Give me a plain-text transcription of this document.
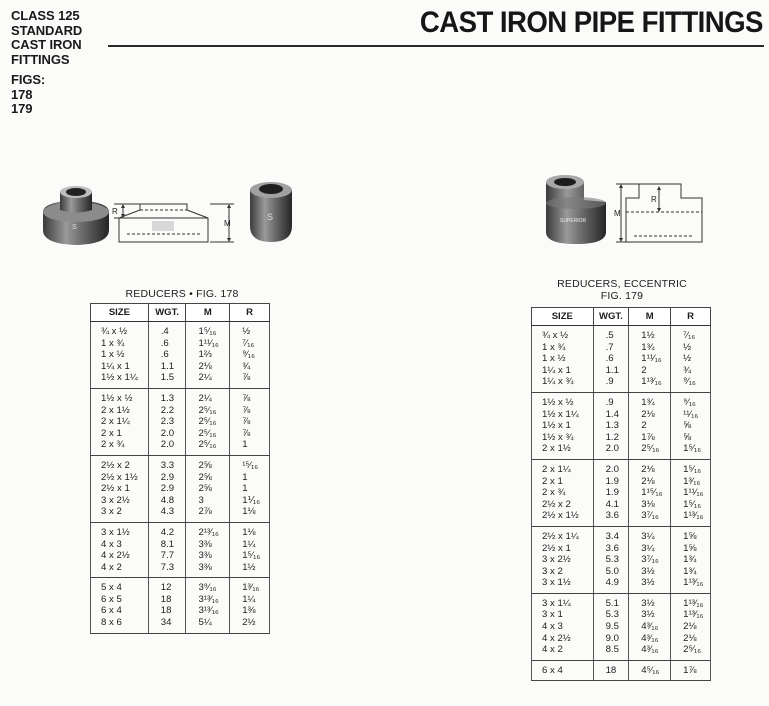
CLASS 125
STANDARD
CAST IRON
FITTINGS
FIGS:
178
179
CAST IRON PIPE FITTINGS
S
R
M
S	SUPERIOR
M
R
REDUCERS • FIG. 178
REDUCERS, ECCENTRIC
FIG. 179
SIZE	WGT.	M	R
¾ x ½	.4	1⁵⁄₁₆	½
1 x ¾	.6	1¹¹⁄₁₆	⁷⁄₁₆
1 x ½	.6	1⅔	⁹⁄₁₆
1¼ x 1	1.1	2⅛	¾
1½ x 1¼	1.5	2¼	⅞
1½ x ½	1.3	2¼	⅞
2 x 1½	2.2	2⁵⁄₁₆	⅞
2 x 1¼	2.3	2⁵⁄₁₆	⅞
2 x 1	2.0	2⁵⁄₁₆	⅞
2 x ¾	2.0	2⁵⁄₁₆	1
2½ x 2	3.3	2⅝	¹⁵⁄₁₆
2½ x 1½	2.9	2⅝	1
2½ x 1	2.9	2⅝	1
3 x 2½	4.8	3	1⅟₁₆
3 x 2	4.3	2⅞	1⅛
3 x 1½	4.2	2¹³⁄₁₆	1⅛
4 x 3	8.1	3⅜	1¼
4 x 2½	7.7	3⅜	1⁵⁄₁₆
4 x 2	7.3	3⅜	1½
5 x 4	12	3⁹⁄₁₆	1³⁄₁₆
6 x 5	18	3¹³⁄₁₆	1¼
6 x 4	18	3¹³⁄₁₆	1⅜
8 x 6	34	5¼	2½
SIZE	WGT.	M	R
¾ x ½	.5	1½	⁷⁄₁₆
1 x ¾	.7	1¾	½
1 x ½	.6	1¹¹⁄₁₆	½
1¼ x 1	1.1	2	¾
1¼ x ¾	.9	1¹³⁄₁₆	⁹⁄₁₆
1½ x ½	.9	1¾	⁹⁄₁₆
1½ x 1¼	1.4	2⅛	¹¹⁄₁₆
1½ x 1	1.3	2	⅝
1½ x ¾	1.2	1⅞	⅝
2 x 1½	2.0	2⁵⁄₁₆	1⁵⁄₁₆
2 x 1¼	2.0	2⅛	1⁵⁄₁₆
2 x 1	1.9	2⅛	1³⁄₁₆
2 x ¾	1.9	1¹⁵⁄₁₆	1¹¹⁄₁₆
2½ x 2	4.1	3⅛	1⁵⁄₁₆
2½ x 1½	3.6	3⁷⁄₁₆	1¹³⁄₁₆
2½ x 1¼	3.4	3¼	1⅝
2½ x 1	3.6	3¼	1⅝
3 x 2½	5.3	3⁷⁄₁₆	1¾
3 x 2	5.0	3½	1¾
3 x 1½	4.9	3½	1¹³⁄₁₆
3 x 1¼	5.1	3½	1¹³⁄₁₆
3 x 1	5.3	3½	1¹³⁄₁₆
4 x 3	9.5	4³⁄₁₆	2⅛
4 x 2½	9.0	4³⁄₁₆	2⅛
4 x 2	8.5	4³⁄₁₆	2⁵⁄₁₆
6 x 4	18	4⁵⁄₁₆	1⅞
